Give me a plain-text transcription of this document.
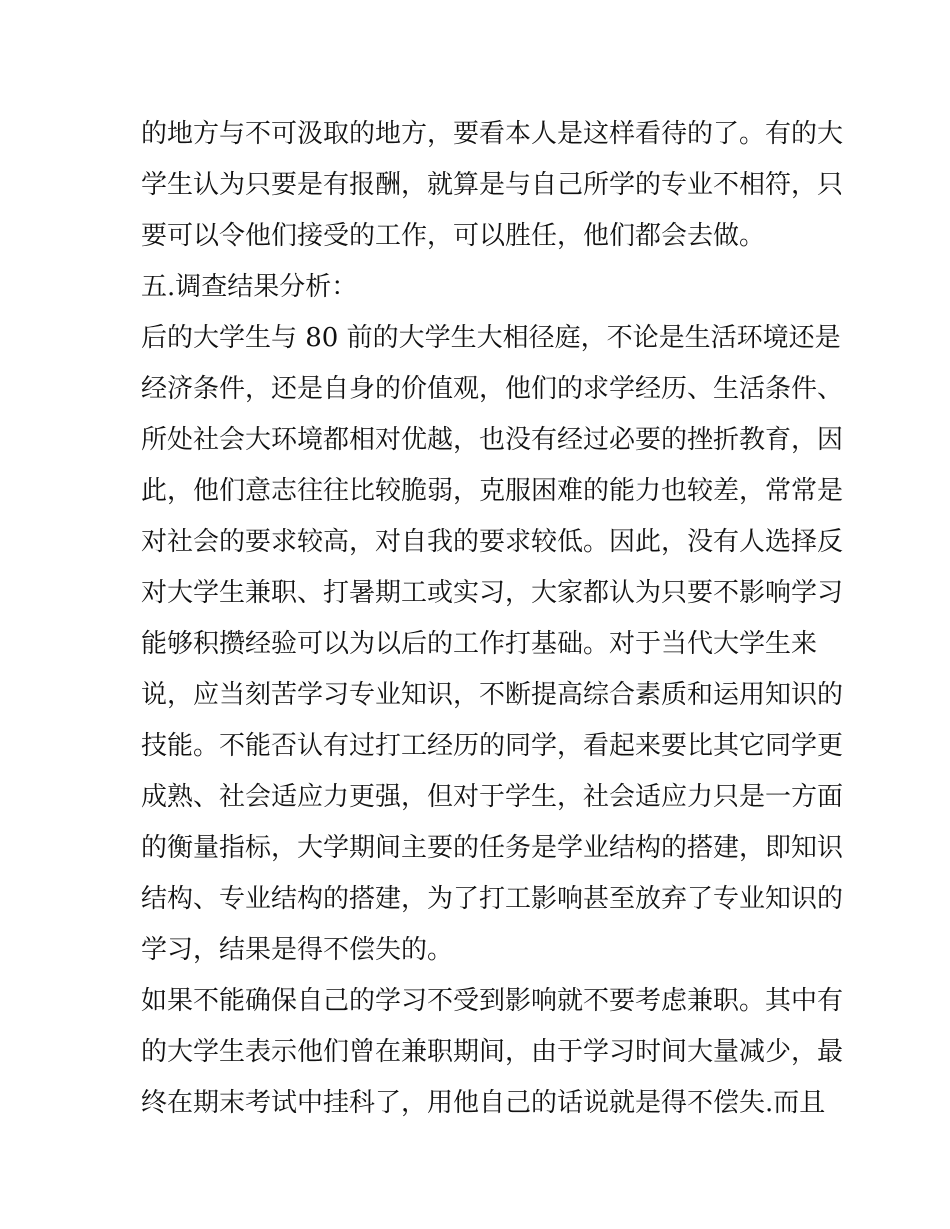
的地方与不可汲取的地方，要看本人是这样看待的了。有的大
学生认为只要是有报酬，就算是与自己所学的专业不相符，只
要可以令他们接受的工作，可以胜任，他们都会去做。
五.调查结果分析：
后的大学生与 80 前的大学生大相径庭，不论是生活环境还是
经济条件，还是自身的价值观，他们的求学经历、生活条件、
所处社会大环境都相对优越，也没有经过必要的挫折教育，因
此，他们意志往往比较脆弱，克服困难的能力也较差，常常是
对社会的要求较高，对自我的要求较低。因此，没有人选择反
对大学生兼职、打暑期工或实习，大家都认为只要不影响学习
能够积攒经验可以为以后的工作打基础。对于当代大学生来
说，应当刻苦学习专业知识，不断提高综合素质和运用知识的
技能。不能否认有过打工经历的同学，看起来要比其它同学更
成熟、社会适应力更强，但对于学生，社会适应力只是一方面
的衡量指标，大学期间主要的任务是学业结构的搭建，即知识
结构、专业结构的搭建，为了打工影响甚至放弃了专业知识的
学习，结果是得不偿失的。
如果不能确保自己的学习不受到影响就不要考虑兼职。其中有
的大学生表示他们曾在兼职期间，由于学习时间大量减少，最
终在期末考试中挂科了，用他自己的话说就是得不偿失.而且
